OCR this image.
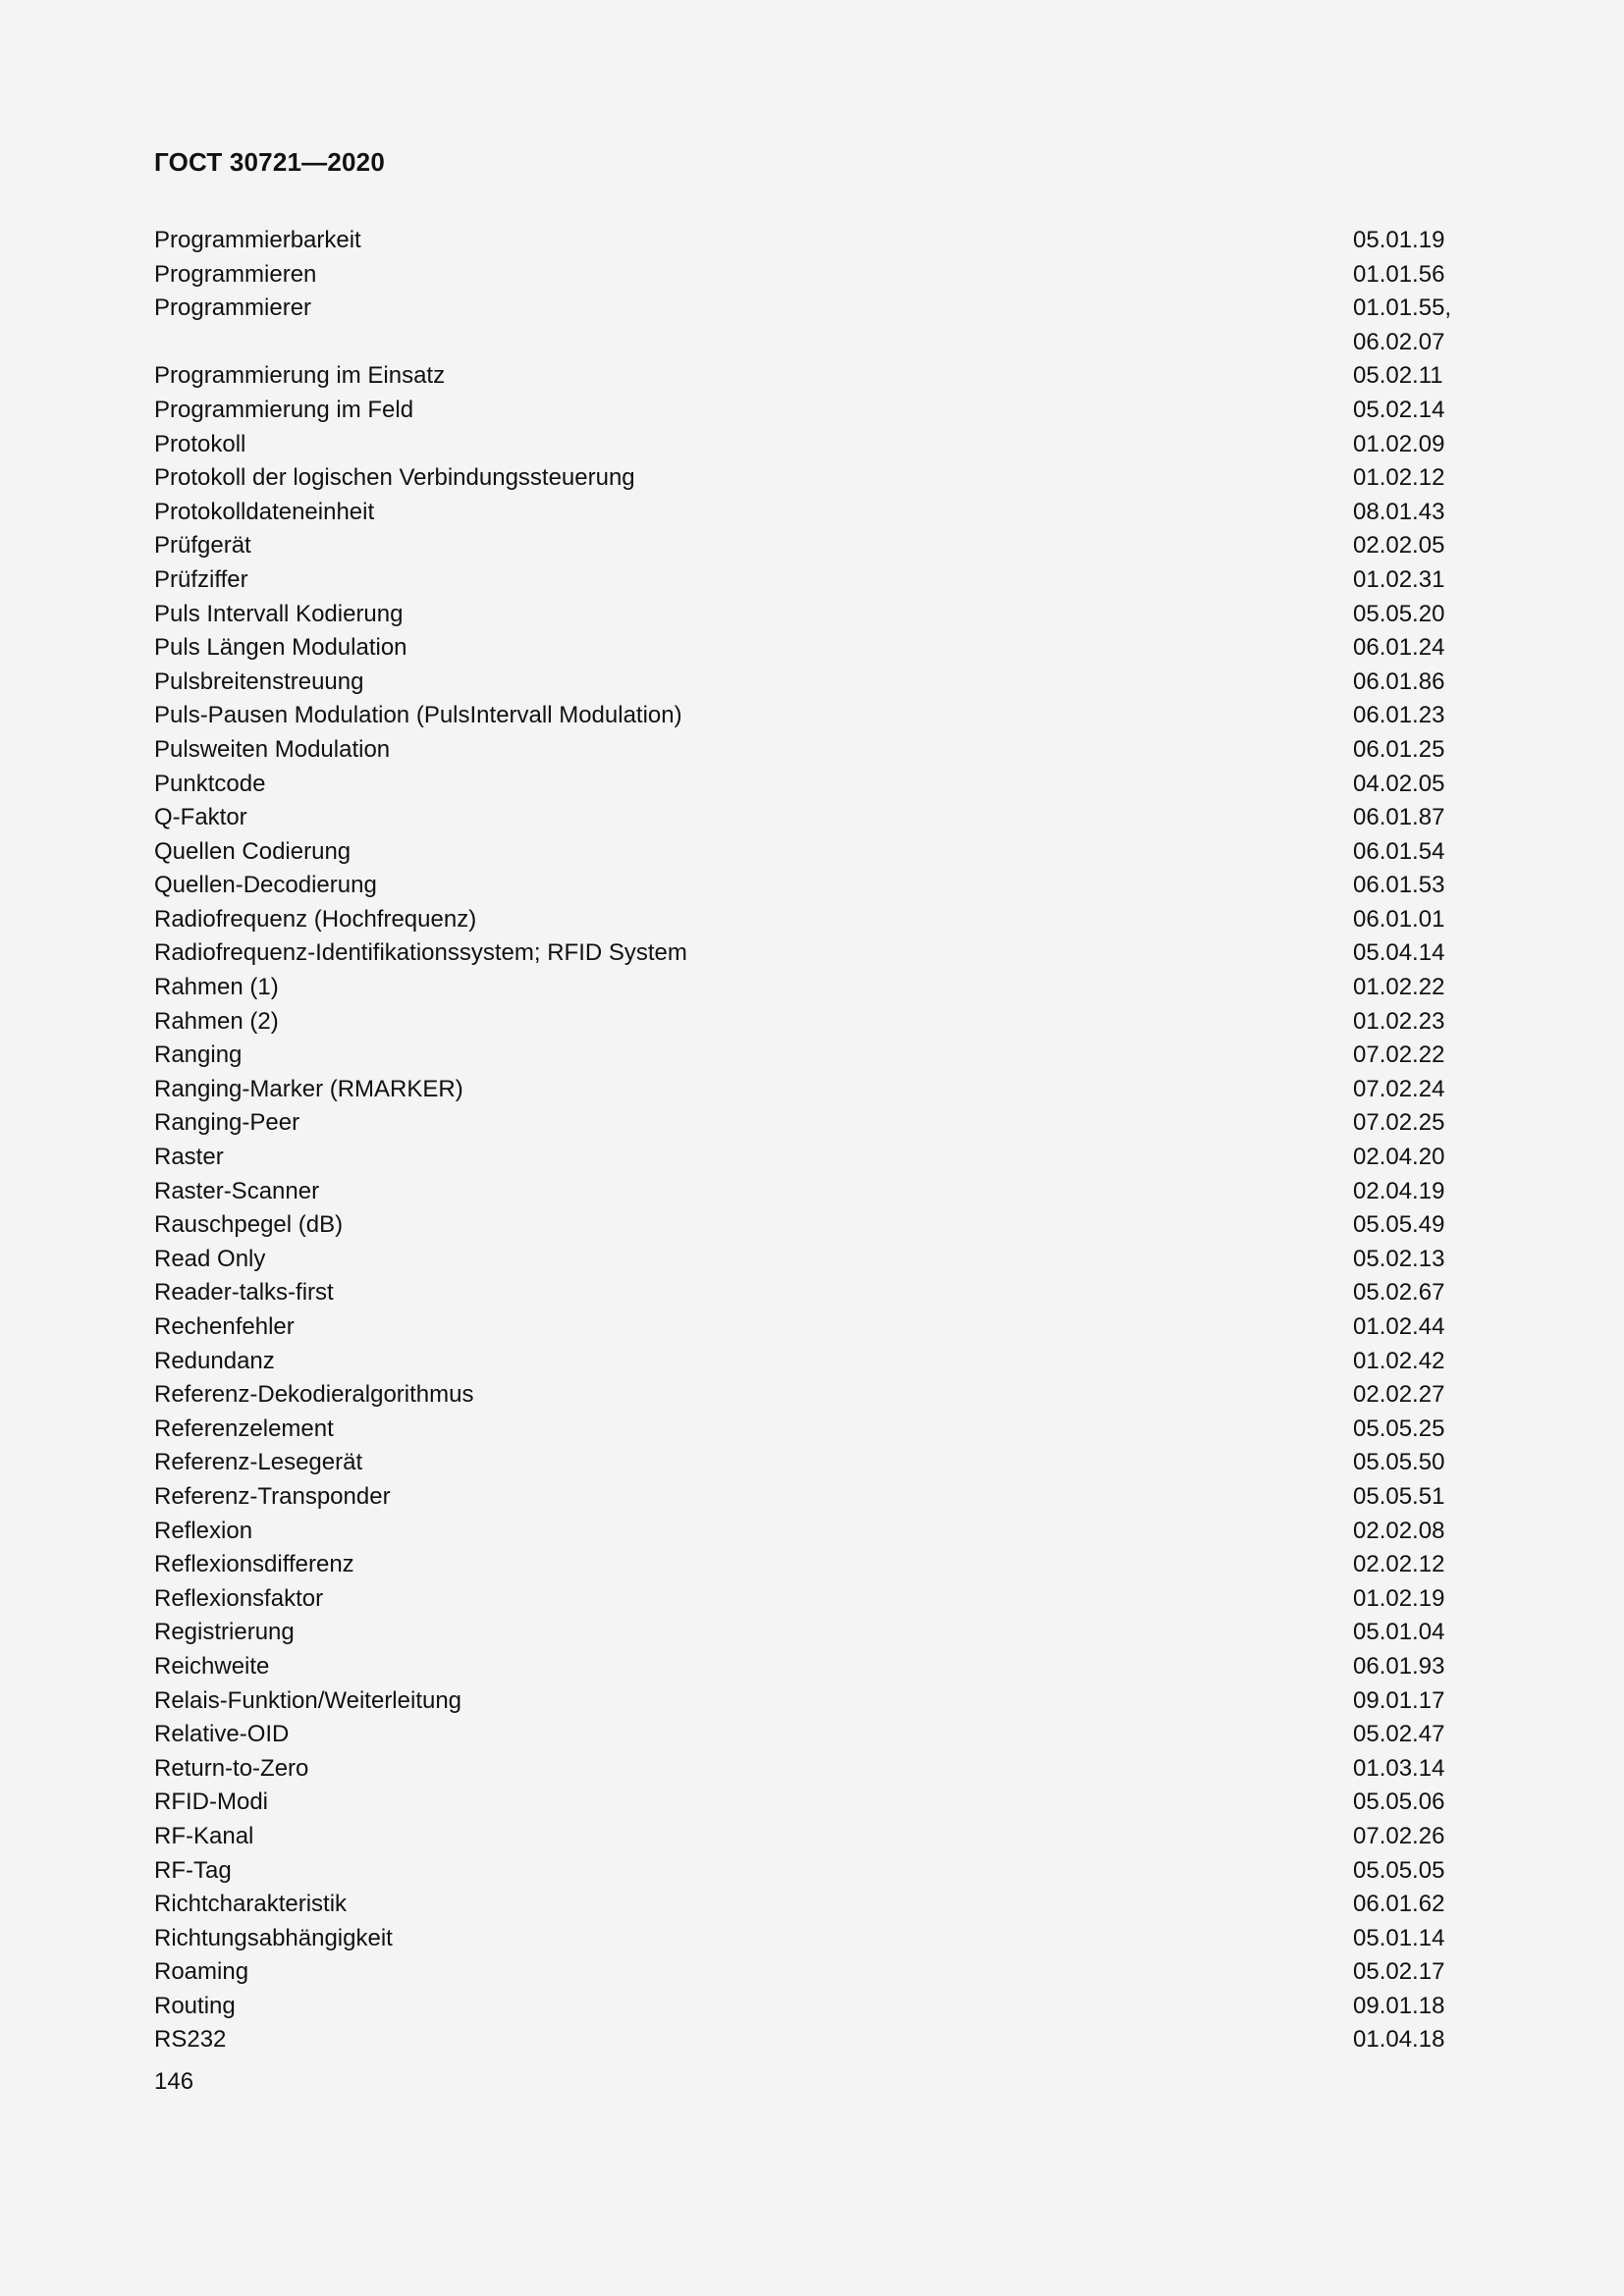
ГОСТ 30721—2020
Programmierbarkeit	05.01.19
Programmieren	01.01.56
Programmierer	01.01.55,
06.02.07
Programmierung im Einsatz	05.02.11
Programmierung im Feld	05.02.14
Protokoll	01.02.09
Protokoll der logischen Verbindungssteuerung	01.02.12
Protokolldateneinheit	08.01.43
Prüfgerät	02.02.05
Prüfziffer	01.02.31
Puls Intervall Kodierung	05.05.20
Puls Längen Modulation	06.01.24
Pulsbreitenstreuung	06.01.86
Puls-Pausen Modulation (PulsIntervall Modulation)	06.01.23
Pulsweiten Modulation	06.01.25
Punktcode	04.02.05
Q-Faktor	06.01.87
Quellen Codierung	06.01.54
Quellen-Decodierung	06.01.53
Radiofrequenz (Hochfrequenz)	06.01.01
Radiofrequenz-Identifikationssystem; RFID System	05.04.14
Rahmen (1)	01.02.22
Rahmen (2)	01.02.23
Ranging	07.02.22
Ranging-Marker (RMARKER)	07.02.24
Ranging-Peer	07.02.25
Raster	02.04.20
Raster-Scanner	02.04.19
Rauschpegel (dB)	05.05.49
Read Only	05.02.13
Reader-talks-first	05.02.67
Rechenfehler	01.02.44
Redundanz	01.02.42
Referenz-Dekodieralgorithmus	02.02.27
Referenzelement	05.05.25
Referenz-Lesegerät	05.05.50
Referenz-Transponder	05.05.51
Reflexion	02.02.08
Reflexionsdifferenz	02.02.12
Reflexionsfaktor	01.02.19
Registrierung	05.01.04
Reichweite	06.01.93
Relais-Funktion/Weiterleitung	09.01.17
Relative-OID	05.02.47
Return-to-Zero	01.03.14
RFID-Modi	05.05.06
RF-Kanal	07.02.26
RF-Tag	05.05.05
Richtcharakteristik	06.01.62
Richtungsabhängigkeit	05.01.14
Roaming	05.02.17
Routing	09.01.18
RS232	01.04.18
146
